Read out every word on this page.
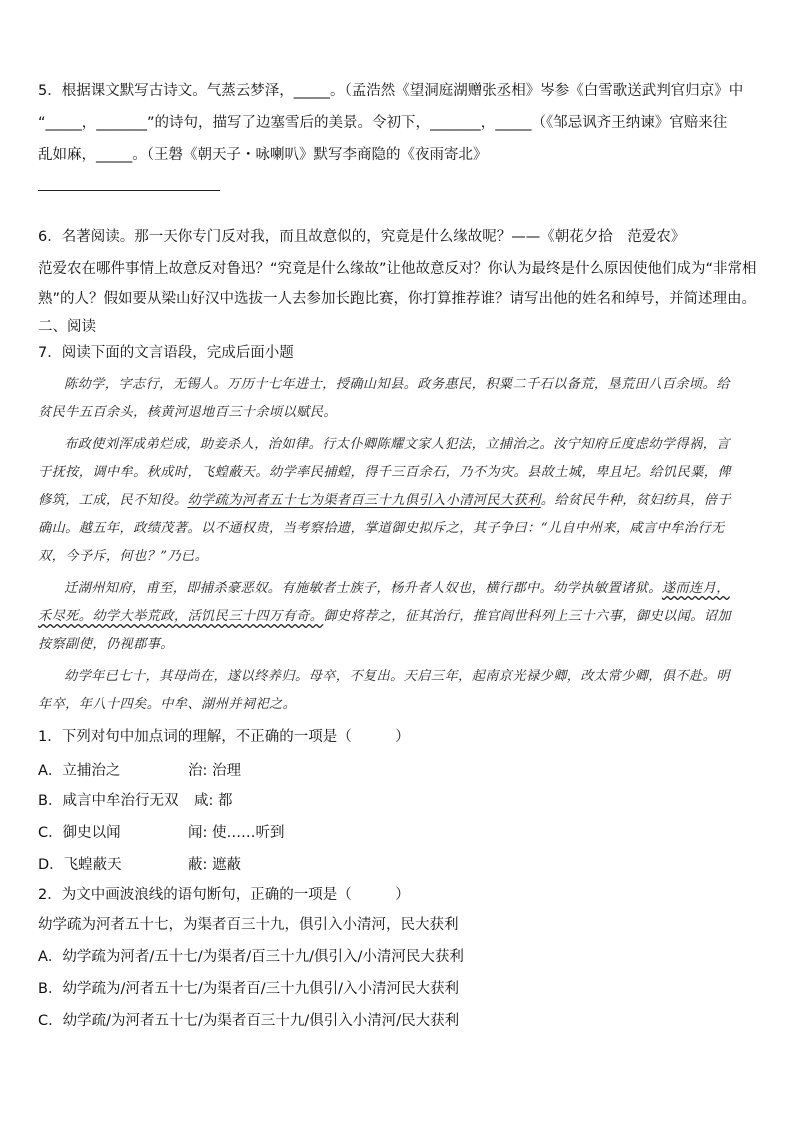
5．根据课文默写古诗文。气蒸云梦泽，_____。（孟浩然《望洞庭湖赠张丞相》岑参《白雪歌送武判官归京》中
“_____，_______”的诗句，描写了边塞雪后的美景。令初下，_______，_____（《邹忌讽齐王纳谏》官赔来往
乱如麻，_____。（王磐《朝天子・咏喇叭》默写李商隐的《夜雨寄北》
6．名著阅读。那一天你专门反对我，而且故意似的，究竟是什么缘故呢？——《朝花夕拾　范爱农》
范爱农在哪件事情上故意反对鲁迅？“究竟是什么缘故”让他故意反对？你认为最终是什么原因使他们成为“非常相
熟”的人？假如要从梁山好汉中选拔一人去参加长跑比赛，你打算推荐谁？请写出他的姓名和绰号，并简述理由。
二、阅读
7．阅读下面的文言语段，完成后面小题
陈幼学，字志行，无锡人。万历十七年进士，授确山知县。政务惠民，积粟二千石以备荒，垦荒田八百余顷。给
贫民牛五百余头，核黄河退地百三十余顷以赋民。
布政使刘浑成弟烂成，助妾杀人，治如律。行太仆卿陈耀文家人犯法，立捕治之。汝宁知府丘度虑幼学得祸，言
于抚按，调中牟。秋成时，飞蝗蔽天。幼学率民捕蝗，得千三百余石，乃不为灾。县故土城，卑且圮。给饥民粟，俾
修筑，工成，民不知役。幼学疏为河者五十七为渠者百三十九俱引入小清河民大获利。给贫民牛种，贫妇纺具，倍于
确山。越五年，政绩茂著。以不通权贵，当考察拾遗，掌道御史拟斥之，其子争曰：“儿自中州来，咸言中牟治行无
双，今予斥，何也？”乃已。
迁湖州知府，甫至，即捕杀豪恶奴。有施敏者士族子，杨升者人奴也，横行郡中。幼学执敏置诸狱。遂而连月，
禾尽死。幼学大举荒政，活饥民三十四万有奇。御史将荐之，征其治行，推官阎世科列上三十六事，御史以闻。诏加
按察副使，仍视郡事。
幼学年已七十，其母尚在，遂以终养归。母卒，不复出。天启三年，起南京光禄少卿，改太常少卿，俱不赴。明
年卒，年八十四矣。中牟、湖州并祠祀之。
1．下列对句中加点词的理解，不正确的一项是（　　　）
A．立捕治之	治: 治理
B．咸言中牟治行无双 咸: 都
C．御史以闻	闻: 使……听到
D．飞蝗蔽天	蔽: 遮蔽
2．为文中画波浪线的语句断句，正确的一项是（　　　）
幼学疏为河者五十七，为渠者百三十九，俱引入小清河，民大获利
A．幼学疏为河者/五十七/为渠者/百三十九/俱引入/小清河民大获利
B．幼学疏为/河者五十七/为渠者百/三十九俱引/入小清河民大获利
C．幼学疏/为河者五十七/为渠者百三十九/俱引入小清河/民大获利
